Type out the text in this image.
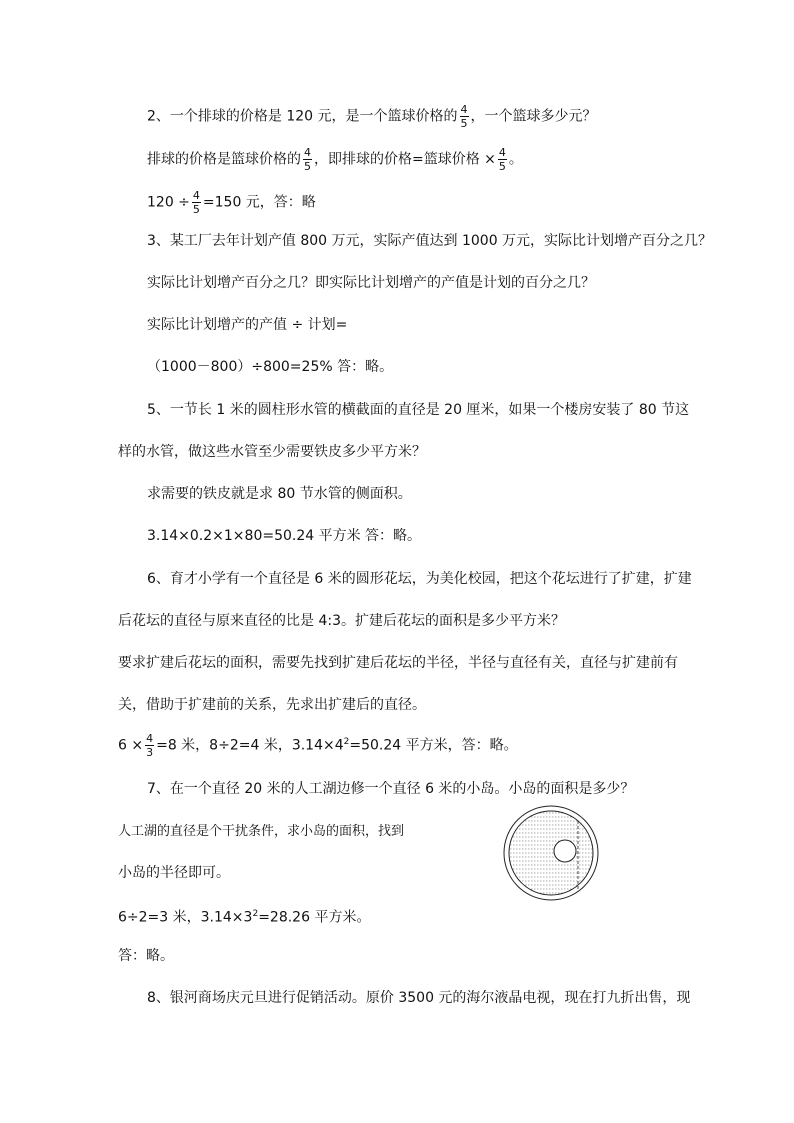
2、一个排球的价格是 120 元，是一个篮球价格的 $\frac{4}{5}$ ，一个篮球多少元？
排球的价格是篮球价格的 $\frac{4}{5}$ ，即排球的价格=篮球价格 × $\frac{4}{5}$ 。
$120 \div \frac{4}{5} =150$ 元，答：略
3、某工厂去年计划产值 800 万元，实际产值达到 1000 万元，实际比计划增产百分之几？
实际比计划增产百分之几？即实际比计划增产的产值是计划的百分之几？
实际比计划增产的产值 ÷ 计划=
（1000－800）÷800=25% 答：略。
5、一节长 1 米的圆柱形水管的横截面的直径是 20 厘米，如果一个楼房安装了 80 节这
样的水管，做这些水管至少需要铁皮多少平方米？
求需要的铁皮就是求 80 节水管的侧面积。
3.14×0.2×1×80=50.24 平方米 答：略。
6、育才小学有一个直径是 6 米的圆形花坛，为美化校园，把这个花坛进行了扩建，扩建
后花坛的直径与原来直径的比是 4:3。扩建后花坛的面积是多少平方米？
要求扩建后花坛的面积，需要先找到扩建后花坛的半径，半径与直径有关，直径与扩建前有
关，借助于扩建前的关系，先求出扩建后的直径。
$6 \times \frac{4}{3} =8$ 米，8÷2=4 米，$3.14\times 4^2=50.24$ 平方米，答：略。
7、在一个直径 20 米的人工湖边修一个直径 6 米的小岛。小岛的面积是多少？
人工湖的直径是个干扰条件，求小岛的面积，找到
小岛的半径即可。
6÷2=3 米，$3.14\times 3^2=28.26$ 平方米。
答：略。
8、银河商场庆元旦进行促销活动。原价 3500 元的海尔液晶电视，现在打九折出售，现
